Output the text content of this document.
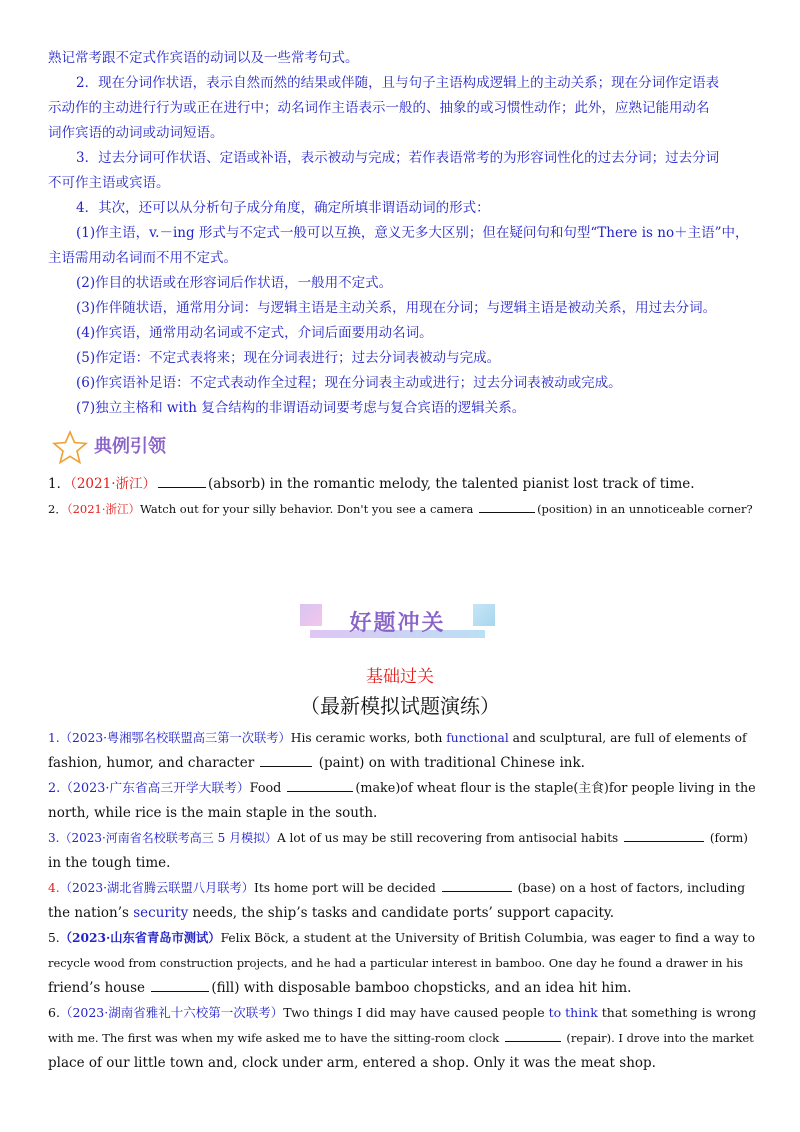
熟记常考跟不定式作宾语的动词以及一些常考句式。
2．现在分词作状语，表示自然而然的结果或伴随，且与句子主语构成逻辑上的主动关系；现在分词作定语表
示动作的主动进行行为或正在进行中；动名词作主语表示一般的、抽象的或习惯性动作；此外，应熟记能用动名
词作宾语的动词或动词短语。
3．过去分词可作状语、定语或补语，表示被动与完成；若作表语常考的为形容词性化的过去分词；过去分词
不可作主语或宾语。
4．其次，还可以从分析句子成分角度，确定所填非谓语动词的形式：
(1)作主语，v.－ing 形式与不定式一般可以互换，意义无多大区别；但在疑问句和句型“There is no＋主语”中，
主语需用动名词而不用不定式。
(2)作目的状语或在形容词后作状语，一般用不定式。
(3)作伴随状语，通常用分词：与逻辑主语是主动关系，用现在分词；与逻辑主语是被动关系，用过去分词。
(4)作宾语，通常用动名词或不定式，介词后面要用动名词。
(5)作定语：不定式表将来；现在分词表进行；过去分词表被动与完成。
(6)作宾语补足语：不定式表动作全过程；现在分词表主动或进行；过去分词表被动或完成。
(7)独立主格和 with 复合结构的非谓语动词要考虑与复合宾语的逻辑关系。
典例引领
1．（2021·浙江）	(absorb) in the romantic melody, the talented pianist lost track of time.
2．（2021·浙江）Watch out for your silly behavior. Don't you see a camera	(position) in an unnoticeable corner?
好题冲关
基础过关
（最新模拟试题演练）
1.（2023·粤湘鄂名校联盟高三第一次联考）His ceramic works, both functional and sculptural, are full of elements of
fashion, humor, and character	(paint) on with traditional Chinese ink.
2.（2023·广东省高三开学大联考）Food	(make)of wheat flour is the staple(主食)for people living in the
north, while rice is the main staple in the south.
3.（2023·河南省名校联考高三 5 月模拟）A lot of us may be still recovering from antisocial habits	(form)
in the tough time.
4.（2023·湖北省腾云联盟八月联考）Its home port will be decided	(base) on a host of factors, including
the nation’s security needs, the ship’s tasks and candidate ports’ support capacity.
5.（2023·山东省青岛市测试）Felix Böck, a student at the University of British Columbia, was eager to find a way to
recycle wood from construction projects, and he had a particular interest in bamboo. One day he found a drawer in his
friend’s house	(fill) with disposable bamboo chopsticks, and an idea hit him.
6.（2023·湖南省雅礼十六校第一次联考）Two things I did may have caused people to think that something is wrong
with me. The first was when my wife asked me to have the sitting-room clock	(repair). I drove into the market
place of our little town and, clock under arm, entered a shop. Only it was the meat shop.
